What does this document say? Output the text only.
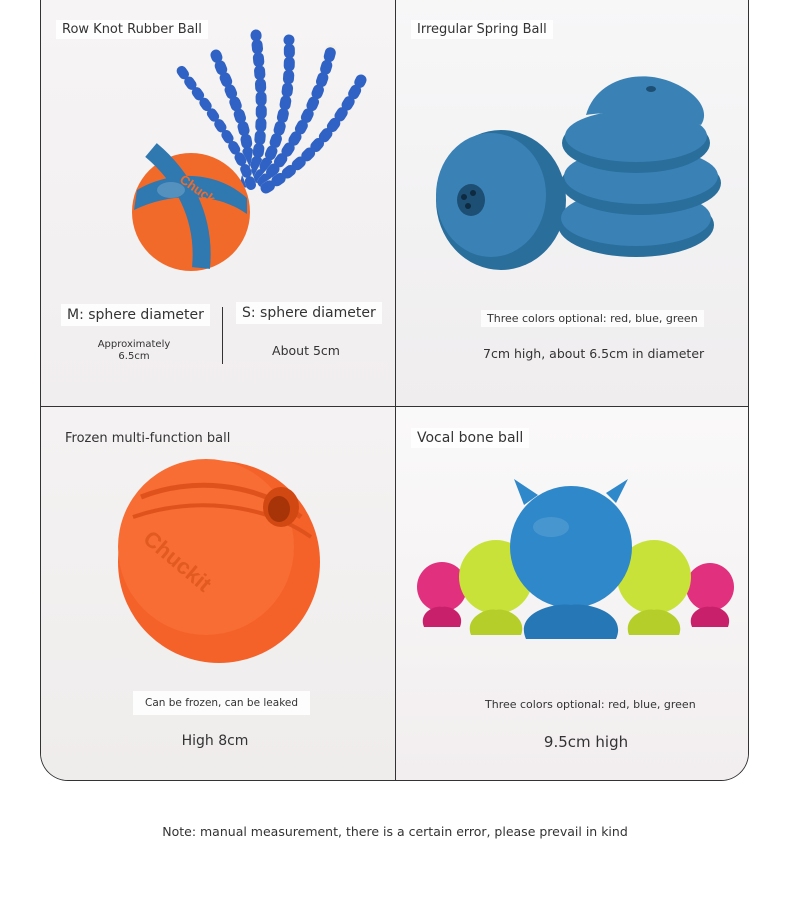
Row Knot Rubber Ball
Chuck
M: sphere diameter
Approximately
6.5cm
S: sphere diameter
About 5cm
Irregular Spring Ball
Three colors optional: red, blue, green
7cm high, about 6.5cm in diameter
Frozen multi-function ball
Chuckit
Can be frozen, can be leaked
High 8cm
Vocal bone ball
Three colors optional: red, blue, green
9.5cm high
Note: manual measurement, there is a certain error, please prevail in kind
